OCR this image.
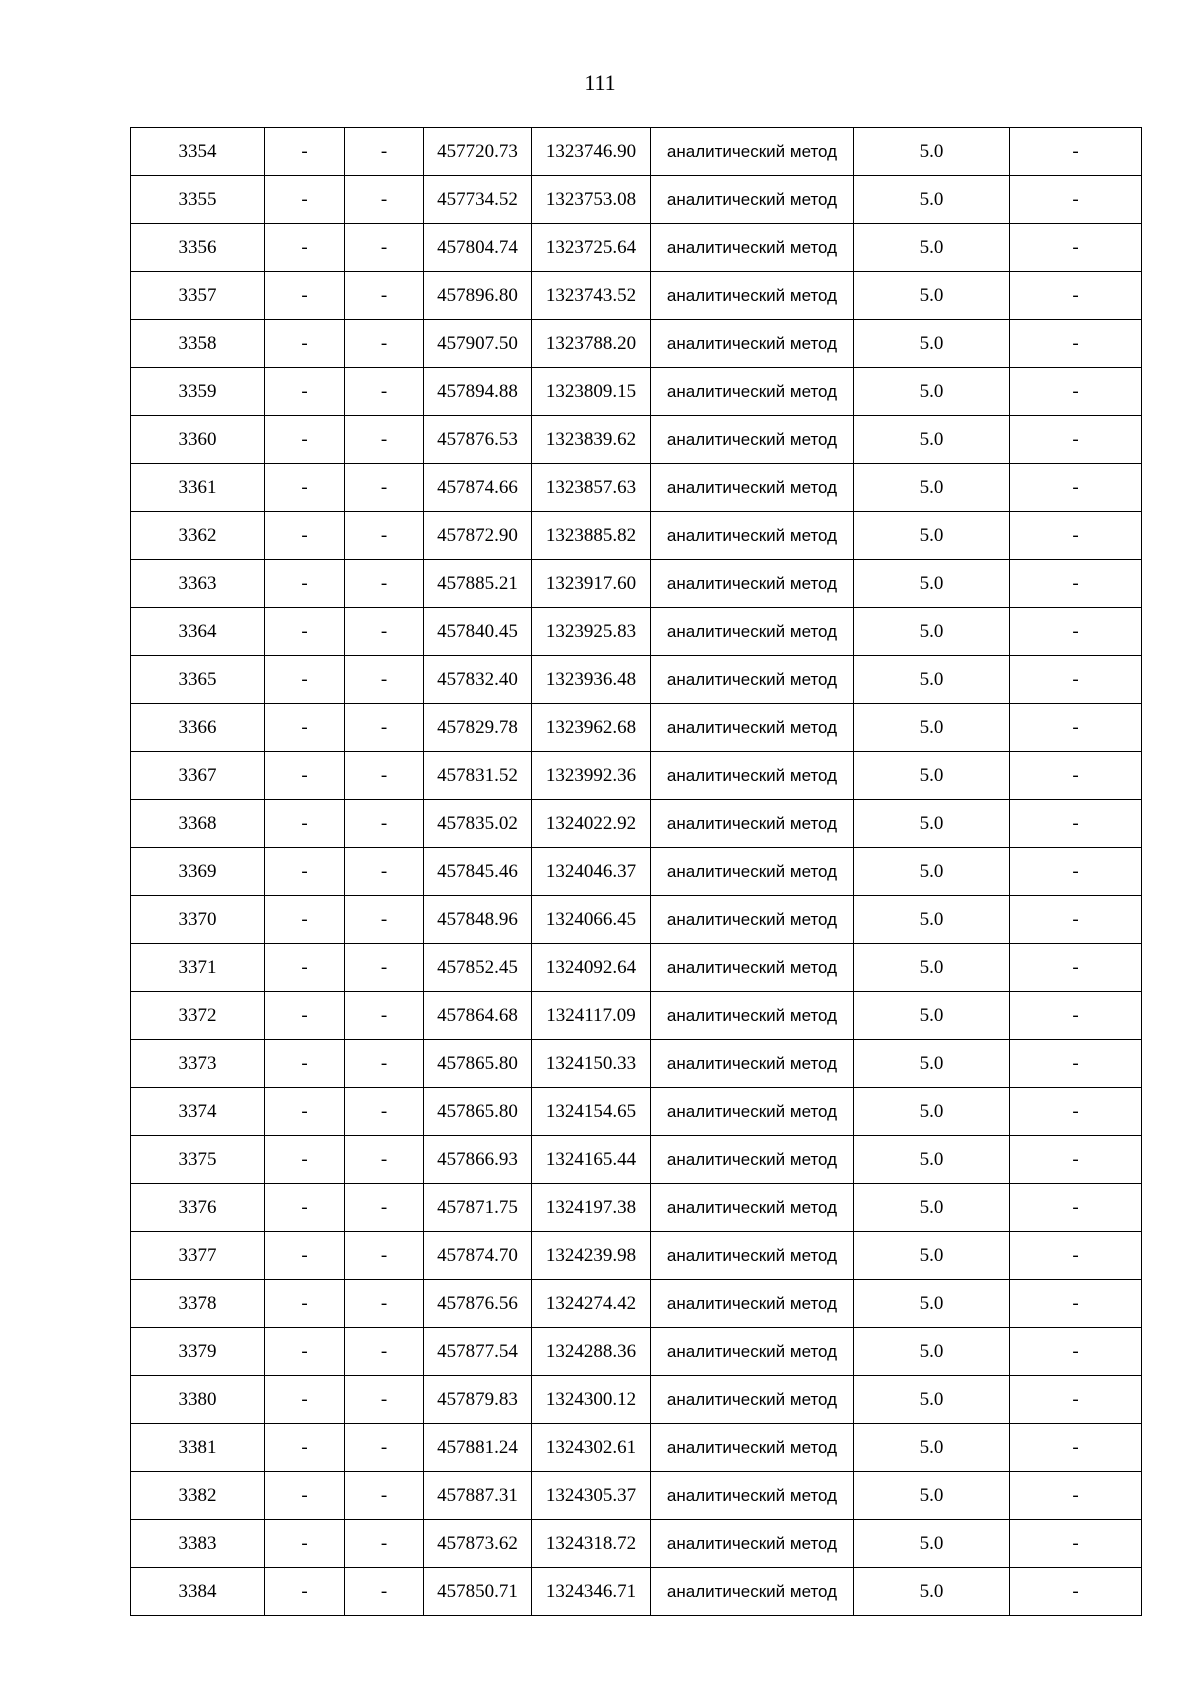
111
3354	-	-	457720.73	1323746.90	аналитический метод	5.0	-
3355	-	-	457734.52	1323753.08	аналитический метод	5.0	-
3356	-	-	457804.74	1323725.64	аналитический метод	5.0	-
3357	-	-	457896.80	1323743.52	аналитический метод	5.0	-
3358	-	-	457907.50	1323788.20	аналитический метод	5.0	-
3359	-	-	457894.88	1323809.15	аналитический метод	5.0	-
3360	-	-	457876.53	1323839.62	аналитический метод	5.0	-
3361	-	-	457874.66	1323857.63	аналитический метод	5.0	-
3362	-	-	457872.90	1323885.82	аналитический метод	5.0	-
3363	-	-	457885.21	1323917.60	аналитический метод	5.0	-
3364	-	-	457840.45	1323925.83	аналитический метод	5.0	-
3365	-	-	457832.40	1323936.48	аналитический метод	5.0	-
3366	-	-	457829.78	1323962.68	аналитический метод	5.0	-
3367	-	-	457831.52	1323992.36	аналитический метод	5.0	-
3368	-	-	457835.02	1324022.92	аналитический метод	5.0	-
3369	-	-	457845.46	1324046.37	аналитический метод	5.0	-
3370	-	-	457848.96	1324066.45	аналитический метод	5.0	-
3371	-	-	457852.45	1324092.64	аналитический метод	5.0	-
3372	-	-	457864.68	1324117.09	аналитический метод	5.0	-
3373	-	-	457865.80	1324150.33	аналитический метод	5.0	-
3374	-	-	457865.80	1324154.65	аналитический метод	5.0	-
3375	-	-	457866.93	1324165.44	аналитический метод	5.0	-
3376	-	-	457871.75	1324197.38	аналитический метод	5.0	-
3377	-	-	457874.70	1324239.98	аналитический метод	5.0	-
3378	-	-	457876.56	1324274.42	аналитический метод	5.0	-
3379	-	-	457877.54	1324288.36	аналитический метод	5.0	-
3380	-	-	457879.83	1324300.12	аналитический метод	5.0	-
3381	-	-	457881.24	1324302.61	аналитический метод	5.0	-
3382	-	-	457887.31	1324305.37	аналитический метод	5.0	-
3383	-	-	457873.62	1324318.72	аналитический метод	5.0	-
3384	-	-	457850.71	1324346.71	аналитический метод	5.0	-
